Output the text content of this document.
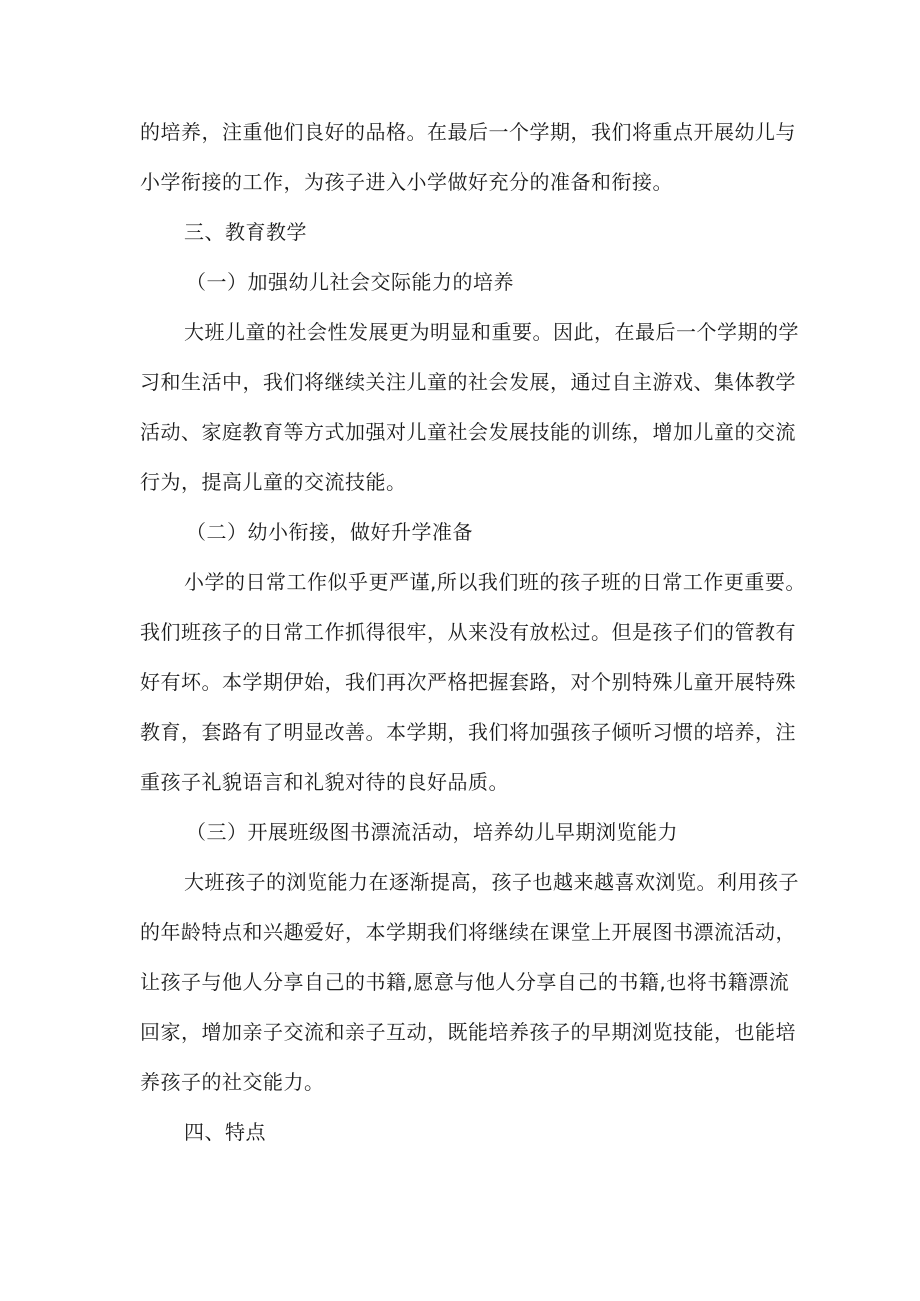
的培养，注重他们良好的品格。在最后一个学期，我们将重点开展幼儿与
小学衔接的工作，为孩子进入小学做好充分的准备和衔接。
三、教育教学
（一）加强幼儿社会交际能力的培养
大班儿童的社会性发展更为明显和重要。因此，在最后一个学期的学
习和生活中，我们将继续关注儿童的社会发展，通过自主游戏、集体教学
活动、家庭教育等方式加强对儿童社会发展技能的训练，增加儿童的交流
行为，提高儿童的交流技能。
（二）幼小衔接，做好升学准备
小学的日常工作似乎更严谨,所以我们班的孩子班的日常工作更重要。
我们班孩子的日常工作抓得很牢，从来没有放松过。但是孩子们的管教有
好有坏。本学期伊始，我们再次严格把握套路，对个别特殊儿童开展特殊
教育，套路有了明显改善。本学期，我们将加强孩子倾听习惯的培养，注
重孩子礼貌语言和礼貌对待的良好品质。
（三）开展班级图书漂流活动，培养幼儿早期浏览能力
大班孩子的浏览能力在逐渐提高，孩子也越来越喜欢浏览。利用孩子
的年龄特点和兴趣爱好，本学期我们将继续在课堂上开展图书漂流活动，
让孩子与他人分享自己的书籍,愿意与他人分享自己的书籍,也将书籍漂流
回家，增加亲子交流和亲子互动，既能培养孩子的早期浏览技能，也能培
养孩子的社交能力。
四、特点
